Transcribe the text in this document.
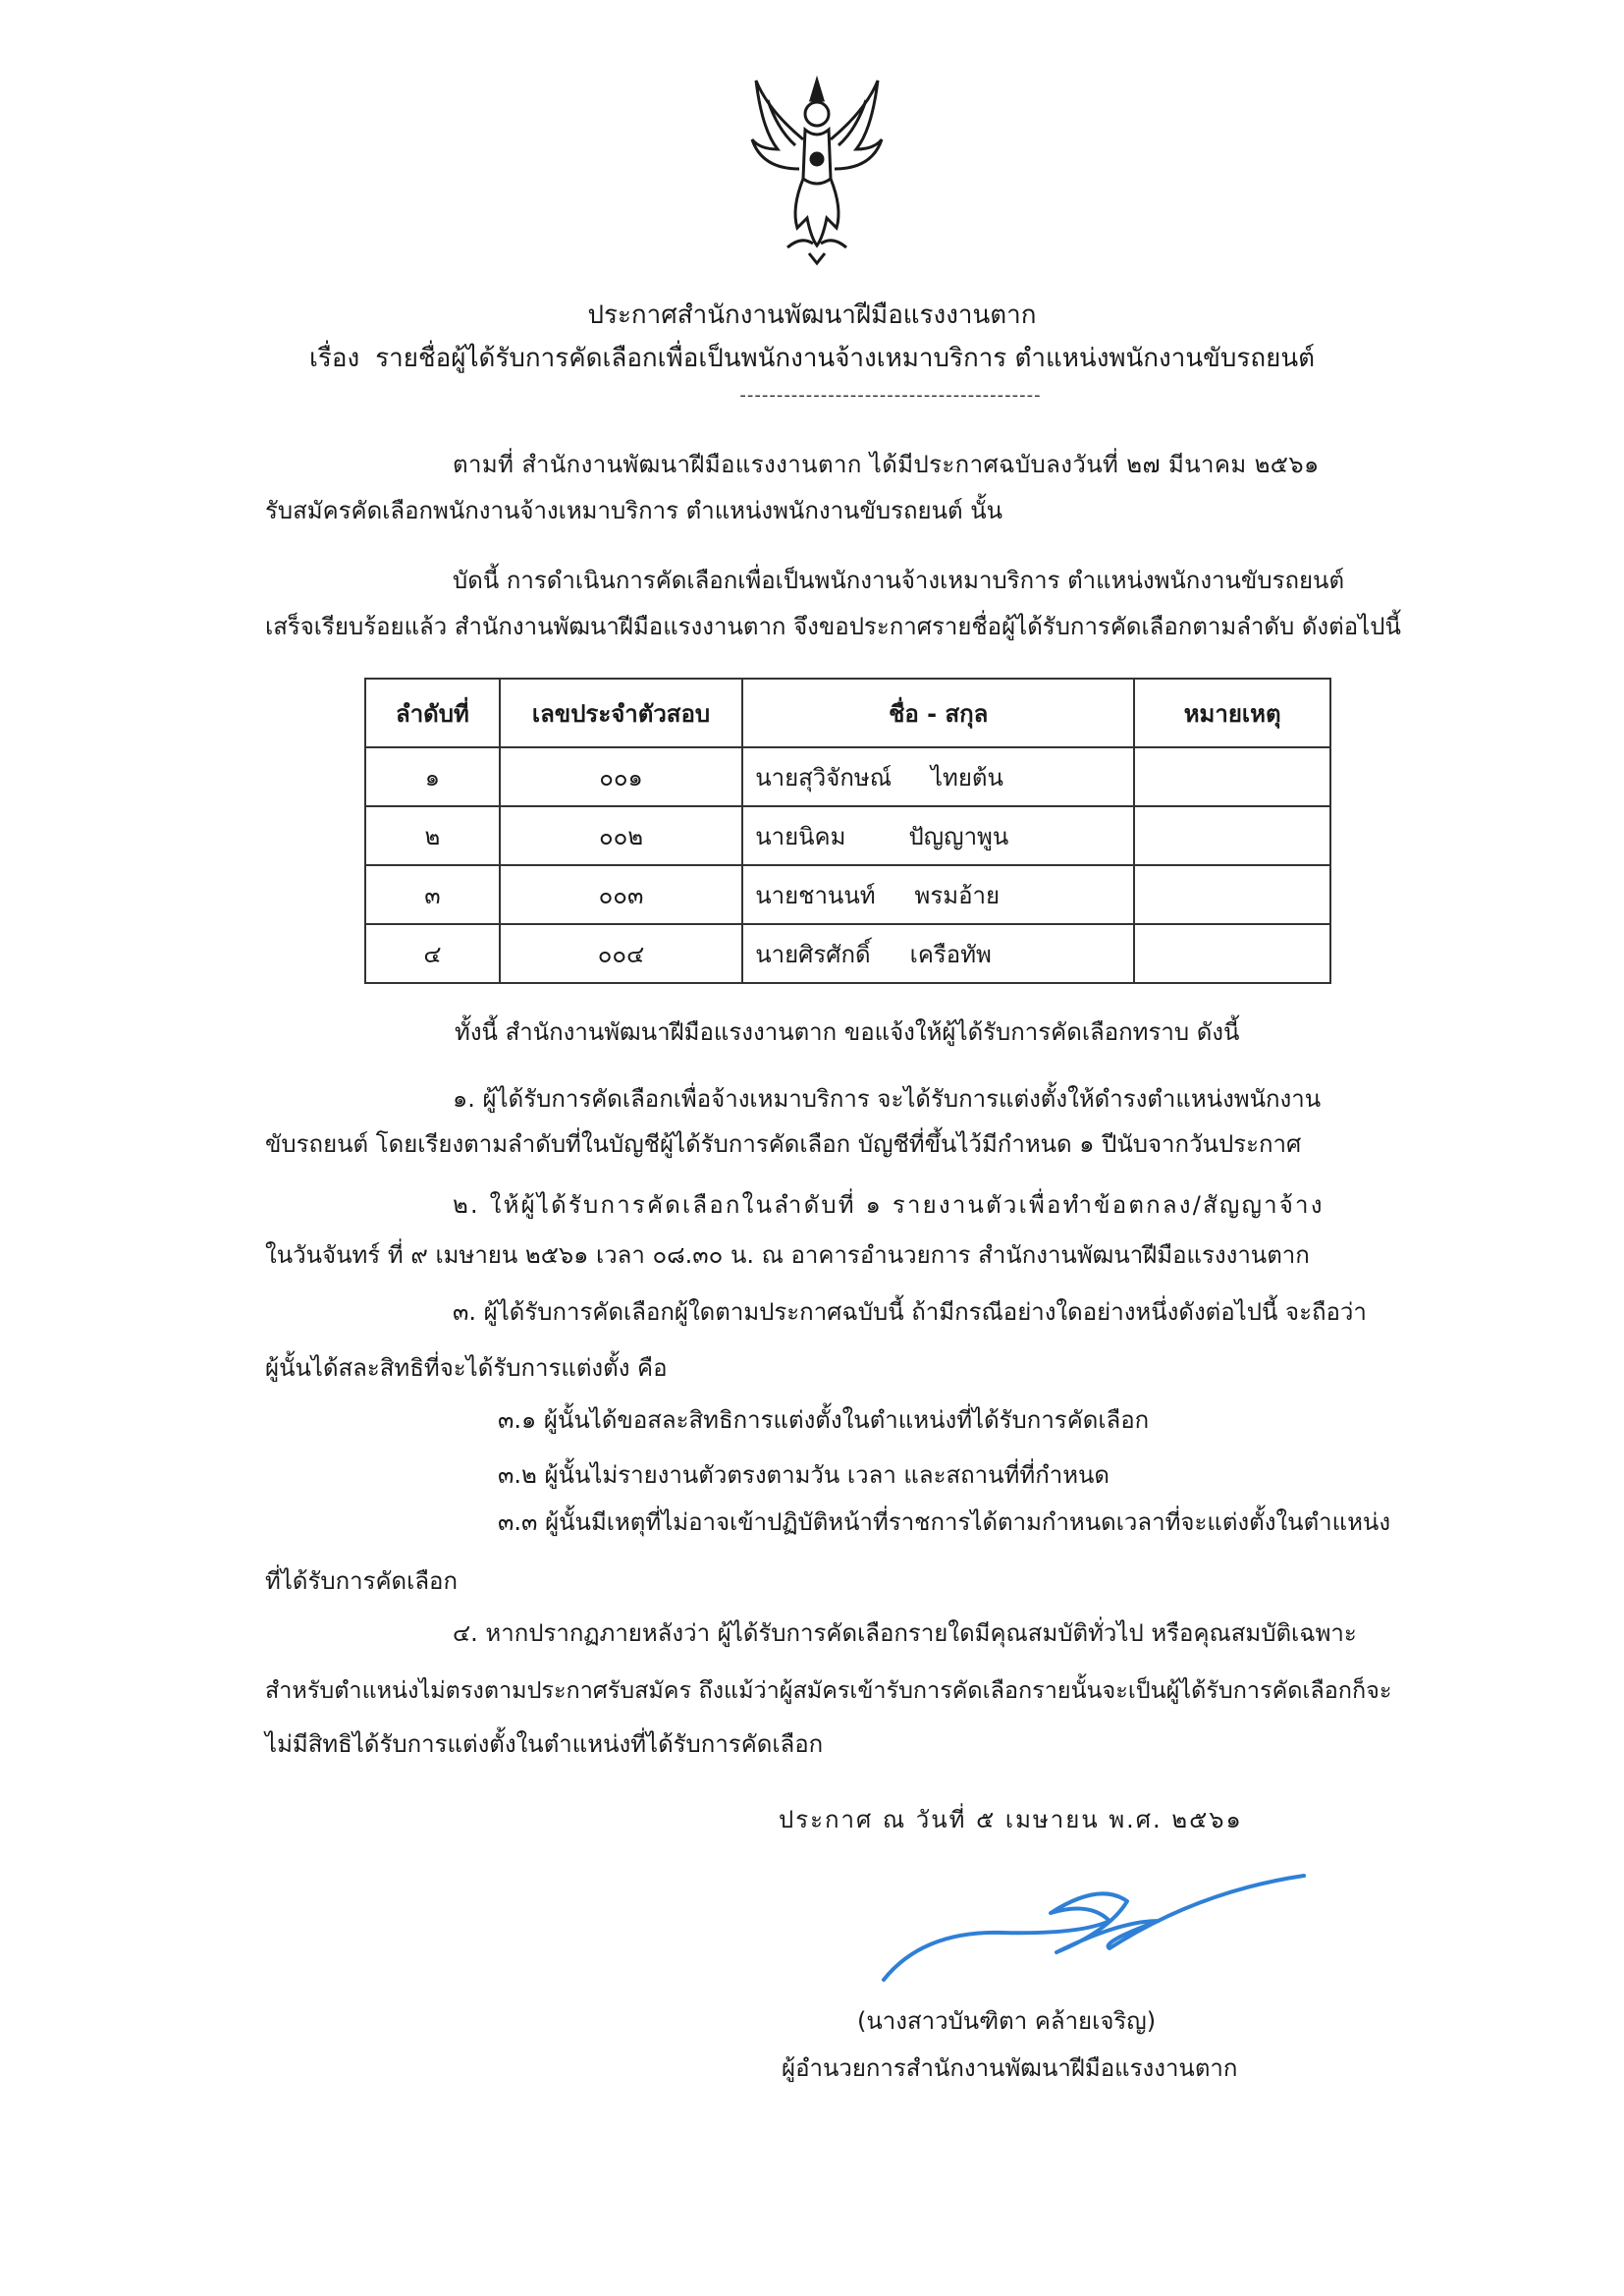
ประกาศสำนักงานพัฒนาฝีมือแรงงานตาก
เรื่อง รายชื่อผู้ได้รับการคัดเลือกเพื่อเป็นพนักงานจ้างเหมาบริการ ตำแหน่งพนักงานขับรถยนต์
-----------------------------------------
ตามที่ สำนักงานพัฒนาฝีมือแรงงานตาก ได้มีประกาศฉบับลงวันที่ ๒๗ มีนาคม ๒๕๖๑
รับสมัครคัดเลือกพนักงานจ้างเหมาบริการ ตำแหน่งพนักงานขับรถยนต์ นั้น
บัดนี้ การดำเนินการคัดเลือกเพื่อเป็นพนักงานจ้างเหมาบริการ ตำแหน่งพนักงานขับรถยนต์
เสร็จเรียบร้อยแล้ว สำนักงานพัฒนาฝีมือแรงงานตาก จึงขอประกาศรายชื่อผู้ได้รับการคัดเลือกตามลำดับ ดังต่อไปนี้
ลำดับที่	เลขประจำตัวสอบ	ชื่อ - สกุล	หมายเหตุ
๑	๐๐๑	นายสุวิจักษณ์ ไทยต้น	
๒	๐๐๒	นายนิคม ปัญญาพูน	
๓	๐๐๓	นายชานนท์ พรมอ้าย	
๔	๐๐๔	นายศิรศักดิ์ เครือทัพ	
ทั้งนี้ สำนักงานพัฒนาฝีมือแรงงานตาก ขอแจ้งให้ผู้ได้รับการคัดเลือกทราบ ดังนี้
๑. ผู้ได้รับการคัดเลือกเพื่อจ้างเหมาบริการ จะได้รับการแต่งตั้งให้ดำรงตำแหน่งพนักงาน
ขับรถยนต์ โดยเรียงตามลำดับที่ในบัญชีผู้ได้รับการคัดเลือก บัญชีที่ขึ้นไว้มีกำหนด ๑ ปีนับจากวันประกาศ
๒. ให้ผู้ได้รับการคัดเลือกในลำดับที่ ๑ รายงานตัวเพื่อทำข้อตกลง/สัญญาจ้าง
ในวันจันทร์ ที่ ๙ เมษายน ๒๕๖๑ เวลา ๐๘.๓๐ น. ณ อาคารอำนวยการ สำนักงานพัฒนาฝีมือแรงงานตาก
๓. ผู้ได้รับการคัดเลือกผู้ใดตามประกาศฉบับนี้ ถ้ามีกรณีอย่างใดอย่างหนึ่งดังต่อไปนี้ จะถือว่า
ผู้นั้นได้สละสิทธิที่จะได้รับการแต่งตั้ง คือ
๓.๑ ผู้นั้นได้ขอสละสิทธิการแต่งตั้งในตำแหน่งที่ได้รับการคัดเลือก
๓.๒ ผู้นั้นไม่รายงานตัวตรงตามวัน เวลา และสถานที่ที่กำหนด
๓.๓ ผู้นั้นมีเหตุที่ไม่อาจเข้าปฏิบัติหน้าที่ราชการได้ตามกำหนดเวลาที่จะแต่งตั้งในตำแหน่ง
ที่ได้รับการคัดเลือก
๔. หากปรากฏภายหลังว่า ผู้ได้รับการคัดเลือกรายใดมีคุณสมบัติทั่วไป หรือคุณสมบัติเฉพาะ
สำหรับตำแหน่งไม่ตรงตามประกาศรับสมัคร ถึงแม้ว่าผู้สมัครเข้ารับการคัดเลือกรายนั้นจะเป็นผู้ได้รับการคัดเลือกก็จะ
ไม่มีสิทธิได้รับการแต่งตั้งในตำแหน่งที่ได้รับการคัดเลือก
ประกาศ ณ วันที่ ๕ เมษายน พ.ศ. ๒๕๖๑
(นางสาวบันฑิตา คล้ายเจริญ)
ผู้อำนวยการสำนักงานพัฒนาฝีมือแรงงานตาก
